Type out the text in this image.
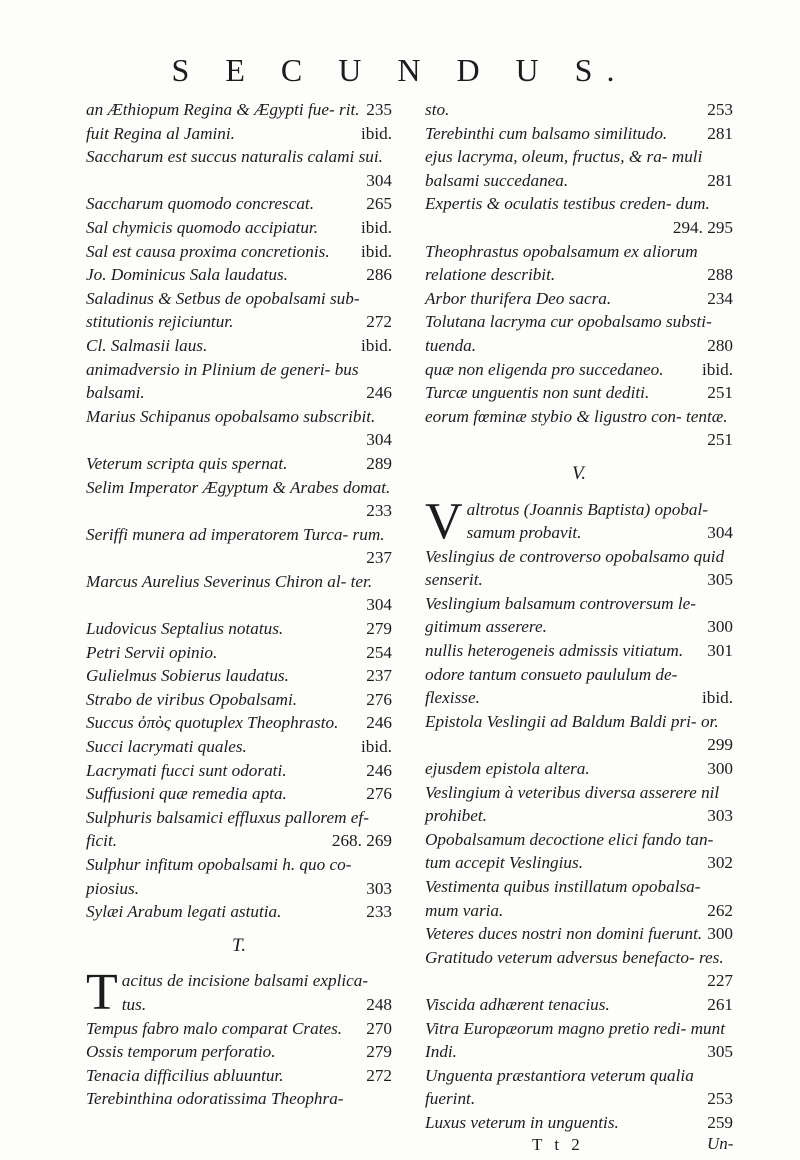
S E C U N D U S.

an Æthiopum Regina & Ægypti fue- rit. 235

fuit Regina al Jamini.	ibid.

Saccharum est succus naturalis calami sui.
304

Saccharum quomodo concrescat.	265

Sal chymicis quomodo accipiatur. ibid.

Sal est causa proxima concretionis. ibid.

Jo. Dominicus Sala laudatus.	286

Saladinus & Setbus de opobalsami sub- stitutionis rejiciuntur.	272

Cl. Salmasii laus.	ibid.

animadversio in Plinium de generi- bus balsami.	246

Marius Schipanus opobalsamo subscribit.
304

Veterum scripta quis spernat.	289

Selim Imperator Ægyptum & Arabes domat.
233

Seriffi munera ad imperatorem Turca- rum.
237

Marcus Aurelius Severinus Chiron al- ter.
304

Ludovicus Septalius notatus.	279

Petri Servii opinio.	254

Gulielmus Sobierus laudatus.	237

Strabo de viribus Opobalsami.	276

Succus ὀπὸς quotuplex Theophrasto. 246

Succi lacrymati quales.	ibid.

Lacrymati fucci sunt odorati.	246

Suffusioni quæ remedia apta.	276

Sulphuris balsamici effluxus pallorem ef- ficit.	268. 269

Sulphur infitum opobalsami h. quo co- piosius.	303

Sylæi Arabum legati astutia.	233

T.

Tacitus de incisione balsami explica- tus.	248

Tempus fabro malo comparat Crates. 270

Ossis temporum perforatio.	279

Tenacia difficilius abluuntur.	272

Terebinthina odoratissima Theophra-

sto.	253

Terebinthi cum balsamo similitudo. 281

ejus lacryma, oleum, fructus, & ra- muli balsami succedanea.	281

Expertis & oculatis testibus creden- dum.
294. 295

Theophrastus opobalsamum ex aliorum relatione describit.	288

Arbor thurifera Deo sacra.	234

Tolutana lacryma cur opobalsamo substi- tuenda.	280

quæ non eligenda pro succedaneo. ibid.

Turcæ unguentis non sunt dediti.	251

eorum fœminæ stybio & ligustro con- tentæ.
251

V.

Valtrotus (Joannis Baptista) opobal- samum probavit.	304

Veslingius de controverso opobalsamo quid senserit.	305

Veslingium balsamum controversum le- gitimum asserere.	300

nullis heterogeneis admissis vitiatum. 301

odore tantum consueto paululum de- flexisse.	ibid.

Epistola Veslingii ad Baldum Baldi pri- or.
299

ejusdem epistola altera.	300

Veslingium à veteribus diversa asserere nil prohibet.	303

Opobalsamum decoctione elici fando tan- tum accepit Veslingius.	302

Vestimenta quibus instillatum opobalsa- mum varia.	262

Veteres duces nostri non domini fuerunt. 300

Gratitudo veterum adversus benefacto- res.
227

Viscida adhærent tenacius.	261

Vitra Europæorum magno pretio redi- munt Indi.	305

Unguenta præstantiora veterum qualia fuerint.	253

Luxus veterum in unguentis.	259

T t 2	Un-
